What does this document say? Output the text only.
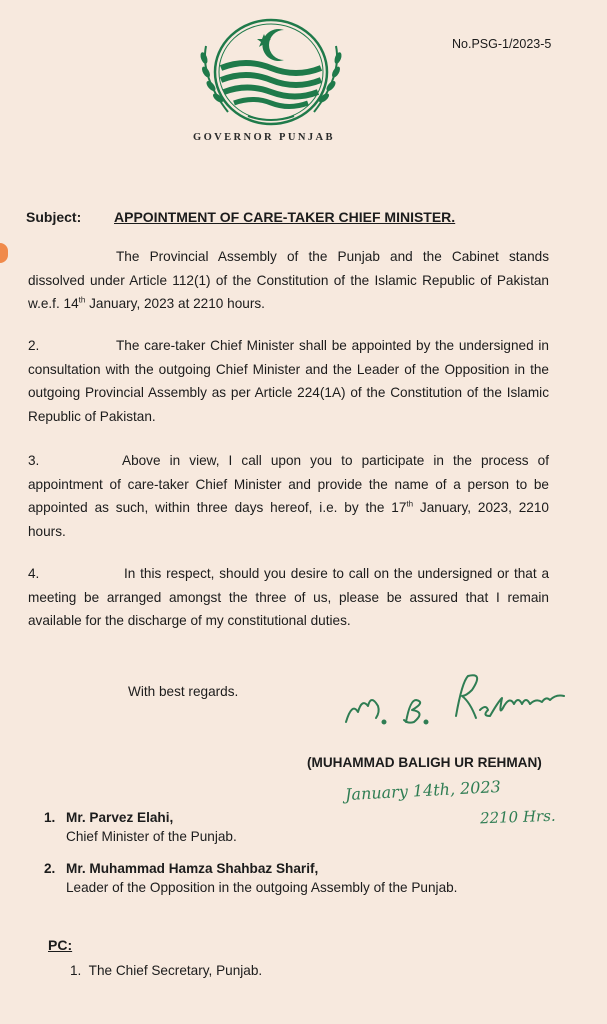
No.PSG-1/2023-5
GOVERNOR PUNJAB
Subject: APPOINTMENT OF CARE-TAKER CHIEF MINISTER.
The Provincial Assembly of the Punjab and the Cabinet stands dissolved under Article 112(1) of the Constitution of the Islamic Republic of Pakistan w.e.f. 14th January, 2023 at 2210 hours.
2.	The care-taker Chief Minister shall be appointed by the undersigned in consultation with the outgoing Chief Minister and the Leader of the Opposition in the outgoing Provincial Assembly as per Article 224(1A) of the Constitution of the Islamic Republic of Pakistan.
3.	Above in view, I call upon you to participate in the process of appointment of care-taker Chief Minister and provide the name of a person to be appointed as such, within three days hereof, i.e. by the 17th January, 2023, 2210 hours.
4.	In this respect, should you desire to call on the undersigned or that a meeting be arranged amongst the three of us, please be assured that I remain available for the discharge of my constitutional duties.
With best regards.
(MUHAMMAD BALIGH UR REHMAN)
January 14th, 2023
2210 Hrs.
1. Mr. Parvez Elahi,
Chief Minister of the Punjab.
2. Mr. Muhammad Hamza Shahbaz Sharif,
Leader of the Opposition in the outgoing Assembly of the Punjab.
PC:
1. The Chief Secretary, Punjab.
